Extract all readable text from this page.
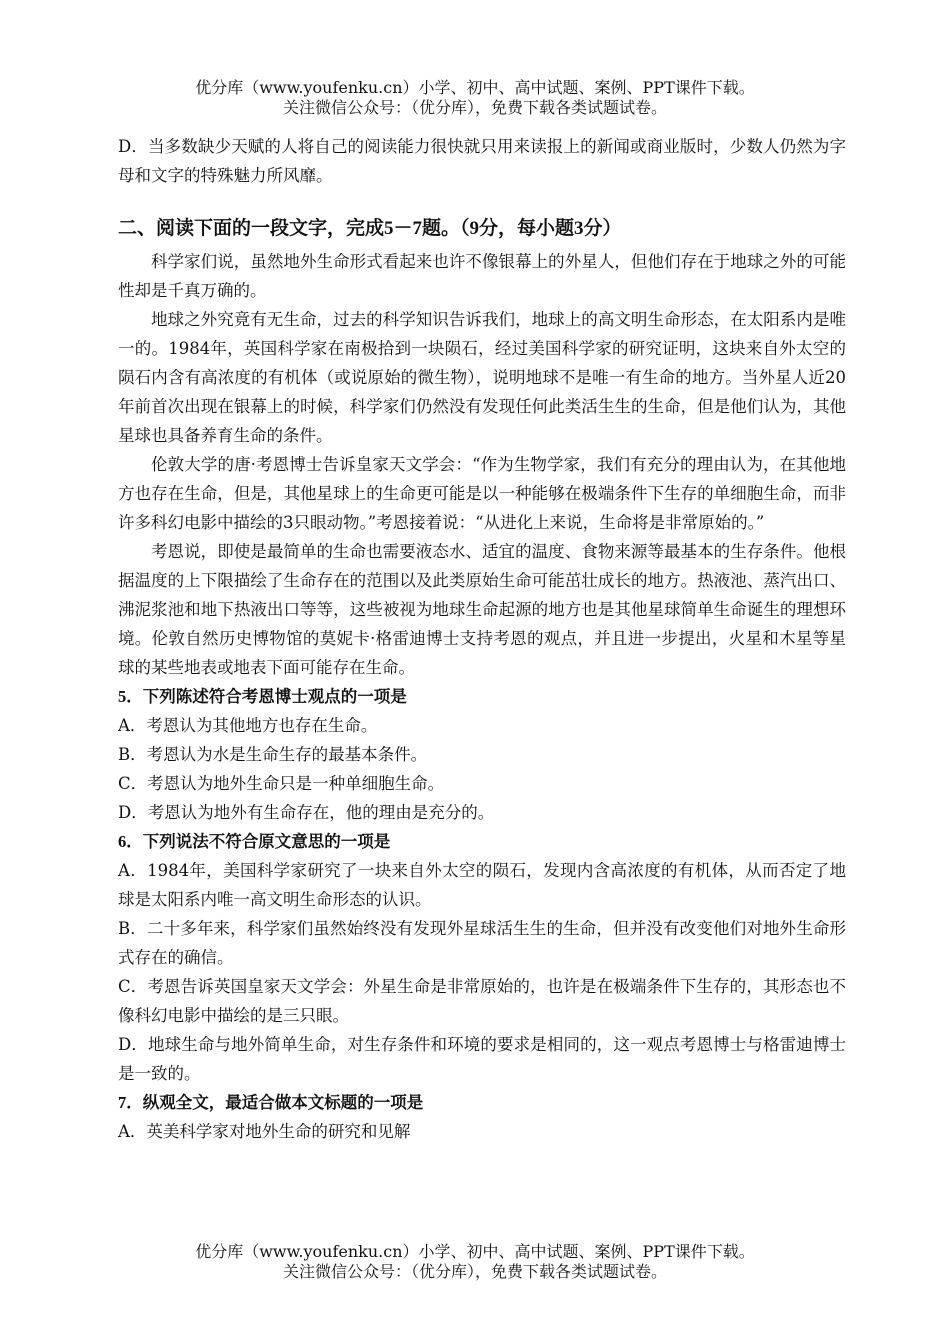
优分库（www.youfenku.cn）小学、初中、高中试题、案例、PPT课件下载。
关注微信公众号：（优分库），免费下载各类试题试卷。

D．当多数缺少天赋的人将自己的阅读能力很快就只用来读报上的新闻或商业版时，少数人仍然为字母和文字的特殊魅力所风靡。

二、阅读下面的一段文字，完成5－7题。（9分，每小题3分）

科学家们说，虽然地外生命形式看起来也许不像银幕上的外星人，但他们存在于地球之外的可能性却是千真万确的。

地球之外究竟有无生命，过去的科学知识告诉我们，地球上的高文明生命形态，在太阳系内是唯一的。1984年，英国科学家在南极拾到一块陨石，经过美国科学家的研究证明，这块来自外太空的陨石内含有高浓度的有机体（或说原始的微生物），说明地球不是唯一有生命的地方。当外星人近20年前首次出现在银幕上的时候，科学家们仍然没有发现任何此类活生生的生命，但是他们认为，其他星球也具备养育生命的条件。

伦敦大学的唐·考恩博士告诉皇家天文学会：“作为生物学家，我们有充分的理由认为，在其他地方也存在生命，但是，其他星球上的生命更可能是以一种能够在极端条件下生存的单细胞生命，而非许多科幻电影中描绘的3只眼动物。”考恩接着说：“从进化上来说，生命将是非常原始的。”

考恩说，即使是最简单的生命也需要液态水、适宜的温度、食物来源等最基本的生存条件。他根据温度的上下限描绘了生命存在的范围以及此类原始生命可能茁壮成长的地方。热液池、蒸汽出口、沸泥浆池和地下热液出口等等，这些被视为地球生命起源的地方也是其他星球简单生命诞生的理想环境。伦敦自然历史博物馆的莫妮卡·格雷迪博士支持考恩的观点，并且进一步提出，火星和木星等星球的某些地表或地表下面可能存在生命。

5．下列陈述符合考恩博士观点的一项是

A．考恩认为其他地方也存在生命。

B．考恩认为水是生命生存的最基本条件。

C．考恩认为地外生命只是一种单细胞生命。

D．考恩认为地外有生命存在，他的理由是充分的。

6．下列说法不符合原文意思的一项是

A．1984年，美国科学家研究了一块来自外太空的陨石，发现内含高浓度的有机体，从而否定了地球是太阳系内唯一高文明生命形态的认识。

B．二十多年来，科学家们虽然始终没有发现外星球活生生的生命，但并没有改变他们对地外生命形式存在的确信。

C．考恩告诉英国皇家天文学会：外星生命是非常原始的，也许是在极端条件下生存的，其形态也不像科幻电影中描绘的是三只眼。

D．地球生命与地外简单生命，对生存条件和环境的要求是相同的，这一观点考恩博士与格雷迪博士是一致的。

7．纵观全文，最适合做本文标题的一项是

A．英美科学家对地外生命的研究和见解

优分库（www.youfenku.cn）小学、初中、高中试题、案例、PPT课件下载。
关注微信公众号：（优分库），免费下载各类试题试卷。
